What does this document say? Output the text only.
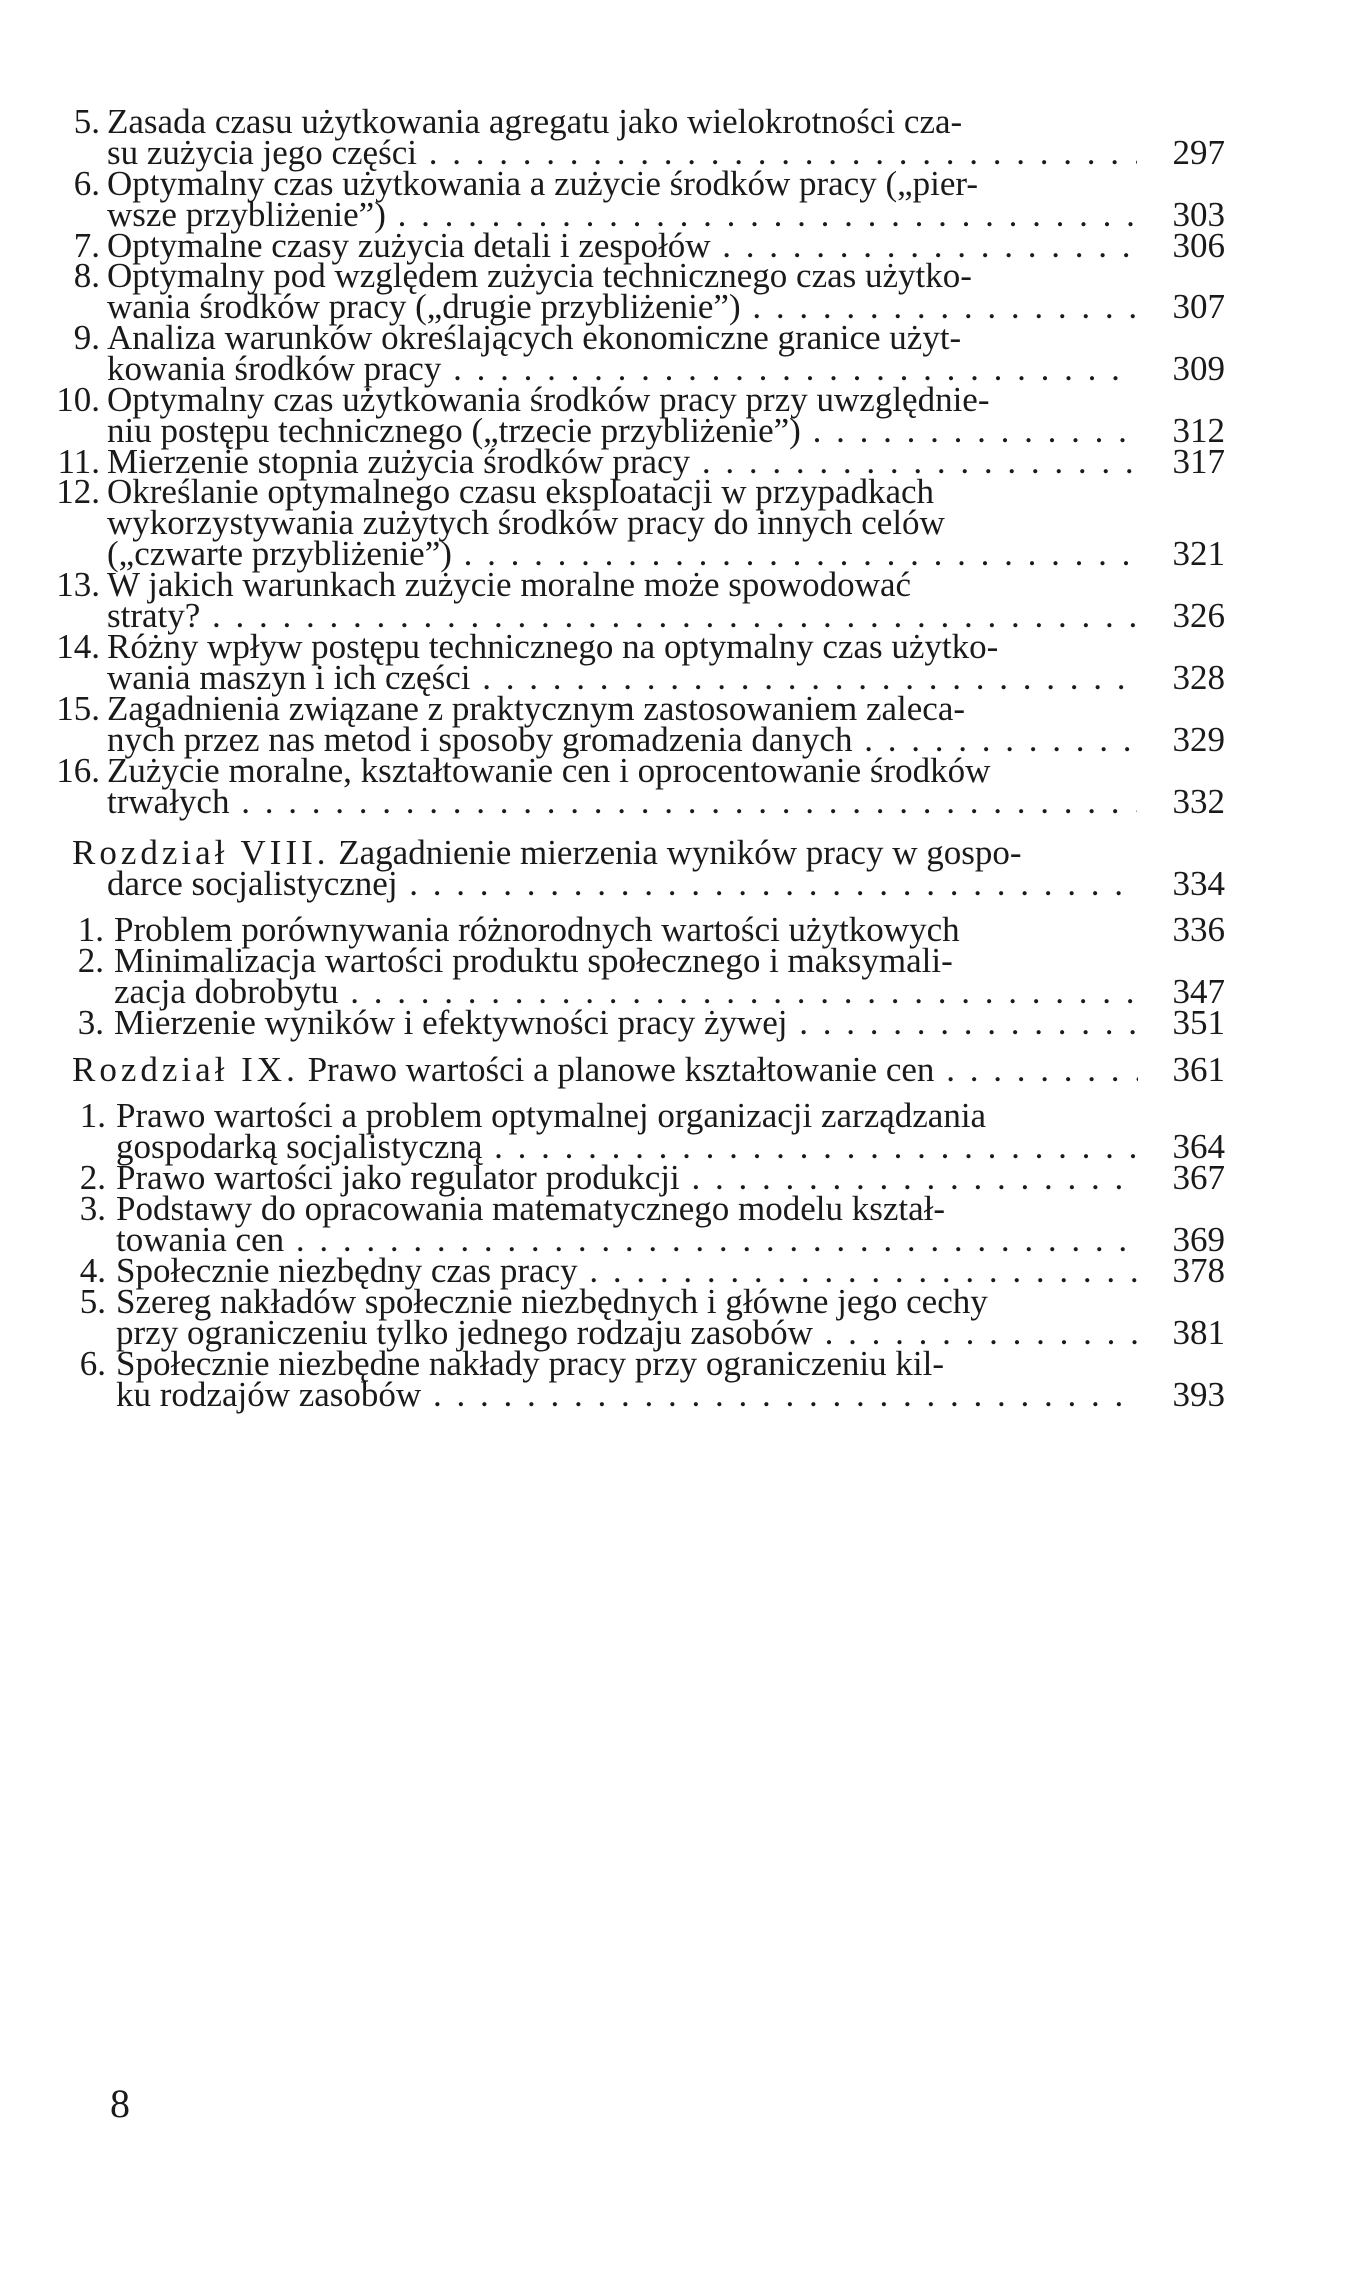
5. Zasada czasu użytkowania agregatu jako wielokrotności cza-
su zużycia jego części . . .	297
6. Optymalny czas użytkowania a zużycie środków pracy („pier-
wsze przybliżenie”) . . .	303
7. Optymalne czasy zużycia detali i zespołów . . .	306
8. Optymalny pod względem zużycia technicznego czas użytko-
wania środków pracy („drugie przybliżenie”) . . .	307
9. Analiza warunków określających ekonomiczne granice użyt-
kowania środków pracy . . .	309
10. Optymalny czas użytkowania środków pracy przy uwzględnie-
niu postępu technicznego („trzecie przybliżenie”) . . .	312
11. Mierzenie stopnia zużycia środków pracy . . .	317
12. Określanie optymalnego czasu eksploatacji w przypadkach
wykorzystywania zużytych środków pracy do innych celów
(„czwarte przybliżenie”) . . .	321
13. W jakich warunkach zużycie moralne może spowodować
straty? . . .	326
14. Różny wpływ postępu technicznego na optymalny czas użytko-
wania maszyn i ich części . . .	328
15. Zagadnienia związane z praktycznym zastosowaniem zaleca-
nych przez nas metod i sposoby gromadzenia danych . . .	329
16. Zużycie moralne, kształtowanie cen i oprocentowanie środków
trwałych . . .	332
Rozdział VIII. Zagadnienie mierzenia wyników pracy w gospo-
darce socjalistycznej . . .	334
1. Problem porównywania różnorodnych wartości użytkowych	336
2. Minimalizacja wartości produktu społecznego i maksymali-
zacja dobrobytu . . .	347
3. Mierzenie wyników i efektywności pracy żywej . . .	351
Rozdział IX. Prawo wartości a planowe kształtowanie cen . . .	361
1. Prawo wartości a problem optymalnej organizacji zarządzania
gospodarką socjalistyczną . . .	364
2. Prawo wartości jako regulator produkcji . . .	367
3. Podstawy do opracowania matematycznego modelu kształ-
towania cen . . .	369
4. Społecznie niezbędny czas pracy . . .	378
5. Szereg nakładów społecznie niezbędnych i główne jego cechy
przy ograniczeniu tylko jednego rodzaju zasobów . . .	381
6. Społecznie niezbędne nakłady pracy przy ograniczeniu kil-
ku rodzajów zasobów . . .	393
8
